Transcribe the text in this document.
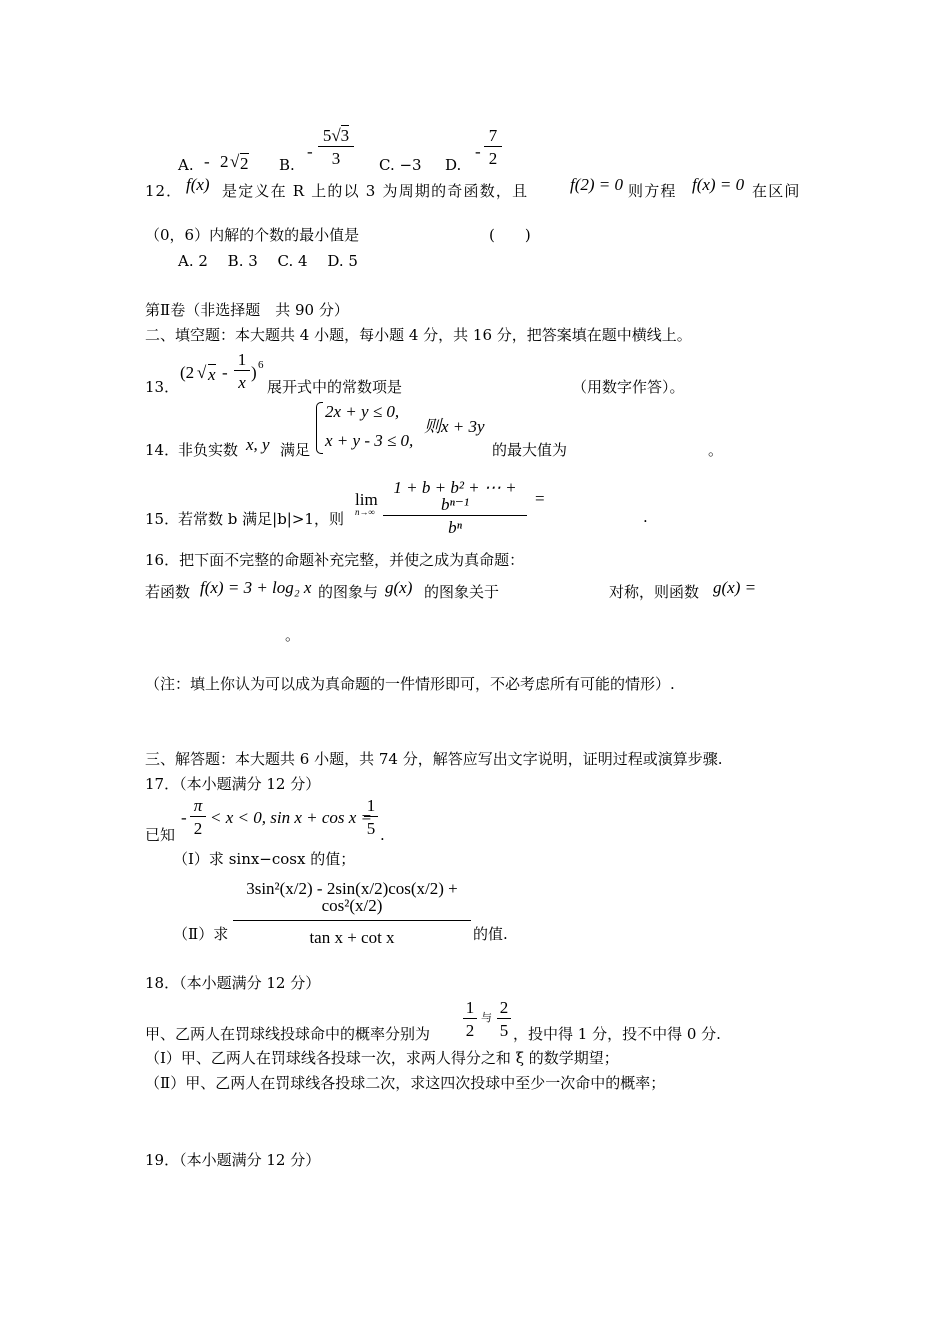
A. - 2 √ 2 B.
- $\frac{5√3}{3} C$. −3 D.
- $\frac{7}{2}$
12． f(x) 是定义在 R 上的以 3 为周期的奇函数，且 f(2) = 0 则方程 f(x) = 0 在区间
（0，6）内解的个数的最小值是	(　　)
A. 2　 B. 3　 C. 4　 D. 5
第Ⅱ卷（非选择题　共 90 分）
二、填空题：本大题共 4 小题，每小题 4 分，共 16 分，把答案填在题中横线上。
13．
(2 √ x - $\frac{1}{x}$ ) 6
展开式中的常数项是	（用数字作答）。
14．
非负实数 x, y 满足
2x + y ≤ 0,
x + y - 3 ≤ 0,
则x + 3y
的最大值为	。
15．
若常数 b 满足|b|>1，则
lim
$n\to\infty \frac{\text{1 + b + b² + ⋯ + bⁿ⁻¹}}{\text{bⁿ}}$ =
.
16．把下面不完整的命题补充完整，并使之成为真命题：
若函数 f(x) = 3 + log₂ x 的图象与 g(x) 的图象关于	对称，则函数 g(x) =
。
（注：填上你认为可以成为真命题的一件情形即可，不必考虑所有可能的情形）.
三、解答题：本大题共 6 小题，共 74 分，解答应写出文字说明，证明过程或演算步骤.
17．（本小题满分 12 分）
已知
- $\frac{\pi}{2} < x < 0$, sin x + cos x =
$\frac{1}{5}$ .
（I）求 sinx−cosx 的值；
（Ⅱ）求 $\frac{\text{3sin²(x/2) - 2sin(x/2)cos(x/2) + cos²(x/2)}}{\text{tan x + cot x}}$ 的值.
18．（本小题满分 12 分）
甲、乙两人在罚球线投球命中的概率分别为 $\frac{1}{2}$ 与 $\frac{2}{5}$ ，投中得 1 分，投不中得 0 分.
（Ⅰ）甲、乙两人在罚球线各投球一次，求两人得分之和 ξ 的数学期望；
（Ⅱ）甲、乙两人在罚球线各投球二次，求这四次投球中至少一次命中的概率；
19．（本小题满分 12 分）
